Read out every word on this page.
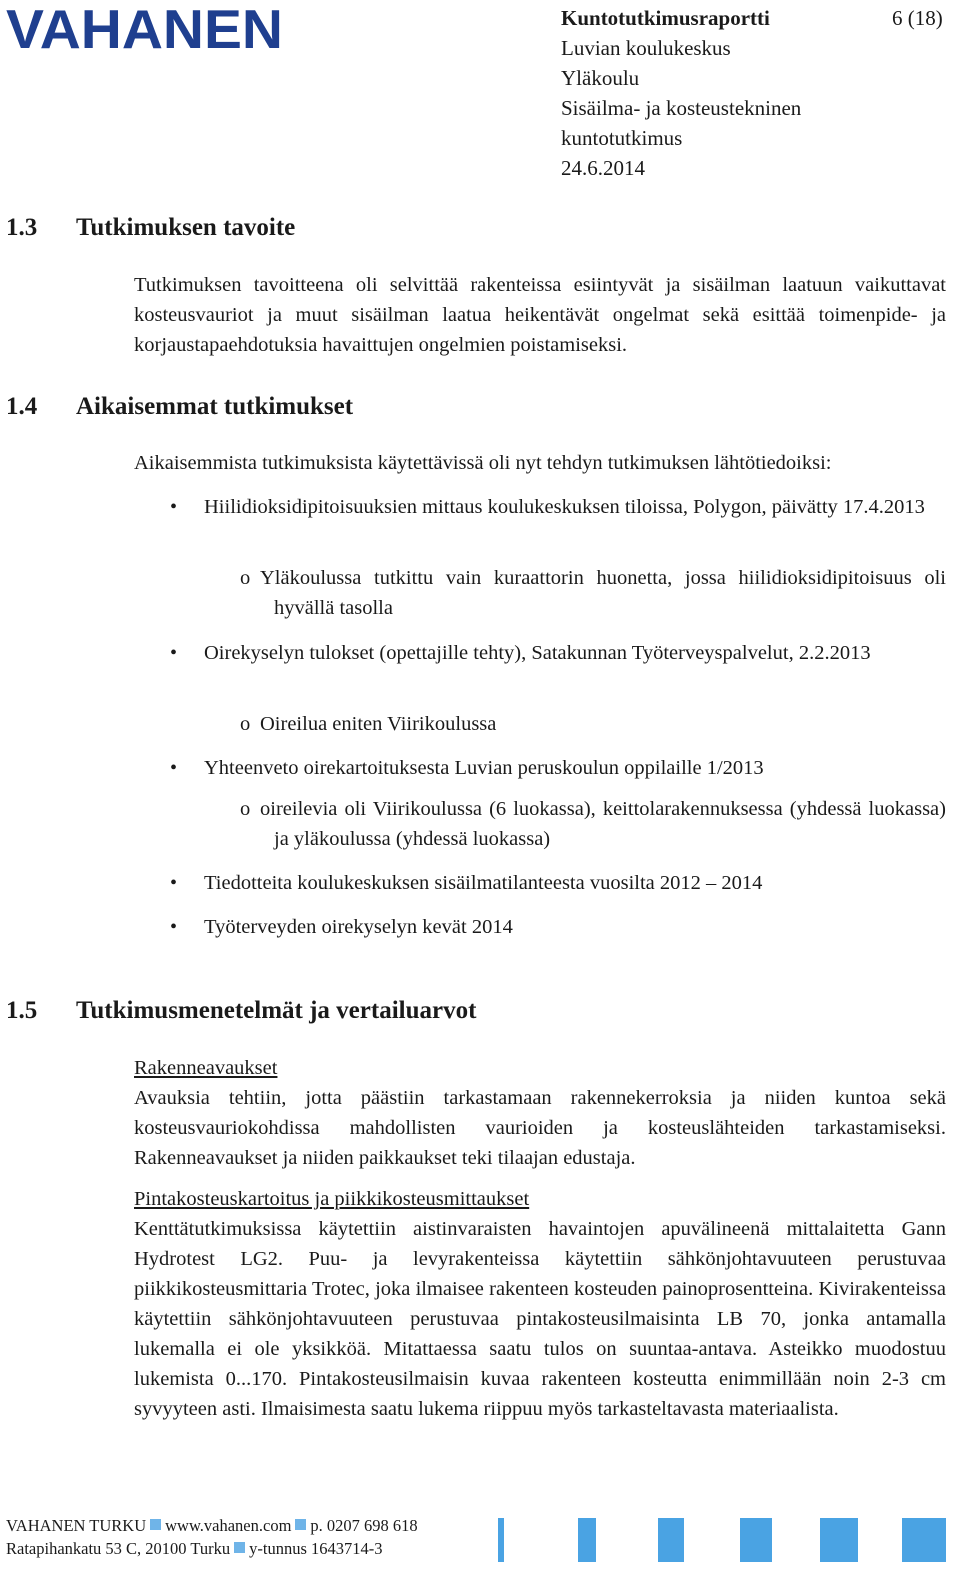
VAHANEN	Kuntotutkimusraportti	6 (18)
Luvian koulukeskus
Yläkoulu
Sisäilma- ja kosteustekninen
kuntotutkimus
24.6.2014
1.3 Tutkimuksen tavoite

Tutkimuksen tavoitteena oli selvittää rakenteissa esiintyvät ja sisäilman laatuun vaikuttavat kosteusvauriot ja muut sisäilman laatua heikentävät ongelmat sekä esittää toimenpide- ja korjaustapaehdotuksia havaittujen ongelmien poistamiseksi.

1.4 Aikaisemmat tutkimukset

Aikaisemmista tutkimuksista käytettävissä oli nyt tehdyn tutkimuksen lähtötiedoiksi:

• Hiilidioksidipitoisuuksien mittaus koulukeskuksen tiloissa, Polygon, päivätty 17.4.2013

o Yläkoulussa tutkittu vain kuraattorin huonetta, jossa hiilidioksidipitoisuus oli hyvällä tasolla

• Oirekyselyn tulokset (opettajille tehty), Satakunnan Työterveyspalvelut, 2.2.2013

o Oireilua eniten Viirikoulussa

• Yhteenveto oirekartoituksesta Luvian peruskoulun oppilaille 1/2013

o oireilevia oli Viirikoulussa (6 luokassa), keittolarakennuksessa (yhdessä luokassa) ja yläkoulussa (yhdessä luokassa)

• Tiedotteita koulukeskuksen sisäilmatilanteesta vuosilta 2012 – 2014

• Työterveyden oirekyselyn kevät 2014

1.5 Tutkimusmenetelmät ja vertailuarvot
Rakenneavaukset

Avauksia tehtiin, jotta päästiin tarkastamaan rakennekerroksia ja niiden kuntoa sekä kosteusvauriokohdissa mahdollisten vaurioiden ja kosteuslähteiden tarkastamiseksi. Rakenneavaukset ja niiden paikkaukset teki tilaajan edustaja.

Pintakosteuskartoitus ja piikkikosteusmittaukset

Kenttätutkimuksissa käytettiin aistinvaraisten havaintojen apuvälineenä mittalaitetta Gann Hydrotest LG2. Puu- ja levyrakenteissa käytettiin sähkönjohtavuuteen perustuvaa piikkikosteusmittaria Trotec, joka ilmaisee rakenteen kosteuden painoprosentteina. Kivirakenteissa käytettiin sähkönjohtavuuteen perustuvaa pintakosteusilmaisinta LB 70, jonka antamalla lukemalla ei ole yksikköä. Mitattaessa saatu tulos on suuntaa-antava. Asteikko muodostuu lukemista 0...170. Pintakosteusilmaisin kuvaa rakenteen kosteutta enimmillään noin 2-3 cm syvyyteen asti. Ilmaisimesta saatu lukema riippuu myös tarkasteltavasta materiaalista.

VAHANEN TURKU www.vahanen.com p. 0207 698 618
Ratapihankatu 53 C, 20100 Turku y-tunnus 1643714-3
